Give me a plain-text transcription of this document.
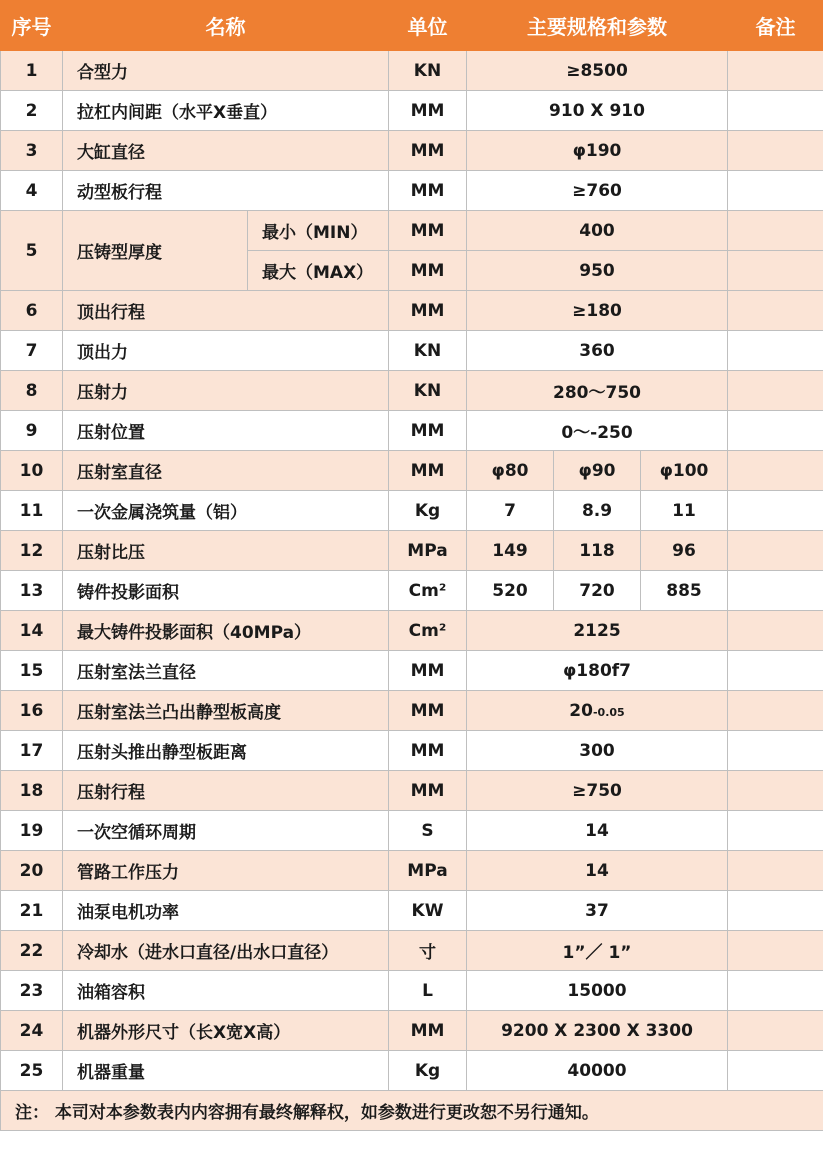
序号	名称		单位	主要规格和参数			备注
1	合型力		KN	≥8500			
2	拉杠内间距（水平X垂直）		MM	910 X 910			
3	大缸直径		MM	φ190			
4	动型板行程		MM	≥760			
5	压铸型厚度	最小（MIN）	MM	400			
		最大（MAX）	MM	950			
6	顶出行程		MM	≥180			
7	顶出力		KN	360			
8	压射力		KN	280～750			
9	压射位置		MM	0～-250			
10	压射室直径		MM	φ80	φ90	φ100	
11	一次金属浇筑量（铝）		Kg	7	8.9	11	
12	压射比压		MPa	149	118	96	
13	铸件投影面积		Cm²	520	720	885	
14	最大铸件投影面积（40MPa）		Cm²	2125			
15	压射室法兰直径		MM	φ180f7			
16	压射室法兰凸出静型板高度		MM	20-0.05			
17	压射头推出静型板距离		MM	300			
18	压射行程		MM	≥750			
19	一次空循环周期		S	14			
20	管路工作压力		MPa	14			
21	油泵电机功率		KW	37			
22	冷却水（进水口直径/出水口直径）		寸	1”／ 1”			
23	油箱容积		L	15000			
24	机器外形尺寸（长X宽X高）		MM	9200 X 2300 X 3300			
25	机器重量		Kg	40000			
注： 本司对本参数表内内容拥有最终解释权，如参数进行更改恕不另行通知。							
